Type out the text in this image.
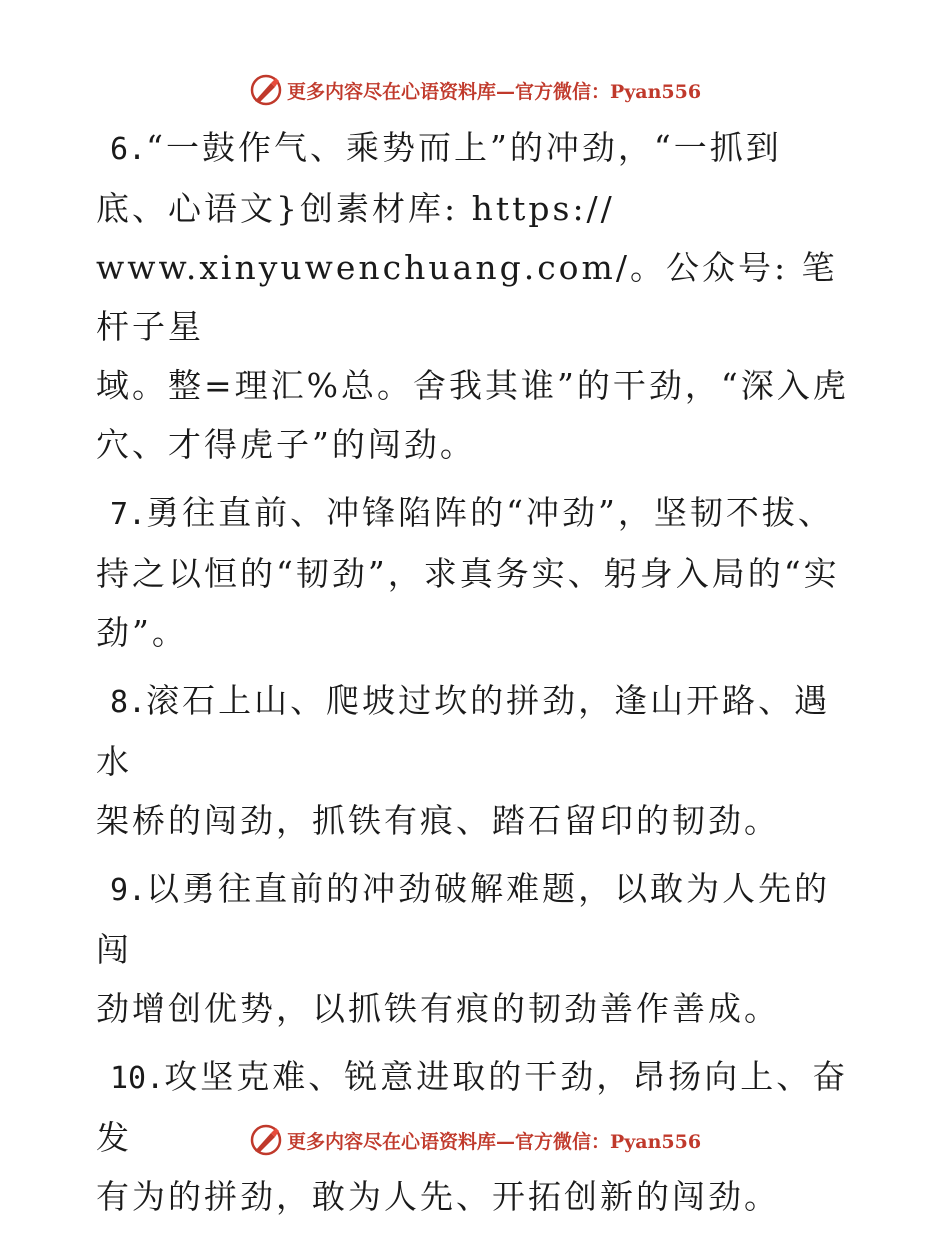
更多内容尽在心语资料库—官方微信：Pyan556
6.“一鼓作气、乘势而上”的冲劲，“一抓到
底、心语文}创素材库: https://
www.xinyuwenchuang.com/。公众号: 笔杆子星
域。整=理汇%总。舍我其谁”的干劲，“深入虎
穴、才得虎子”的闯劲。
7.勇往直前、冲锋陷阵的“冲劲”，坚韧不拔、
持之以恒的“韧劲”，求真务实、躬身入局的“实
劲”。
8.滚石上山、爬坡过坎的拼劲，逢山开路、遇水
架桥的闯劲，抓铁有痕、踏石留印的韧劲。
9.以勇往直前的冲劲破解难题，以敢为人先的闯
劲增创优势，以抓铁有痕的韧劲善作善成。
10.攻坚克难、锐意进取的干劲，昂扬向上、奋发
有为的拼劲，敢为人先、开拓创新的闯劲。
更多内容尽在心语资料库—官方微信：Pyan556
